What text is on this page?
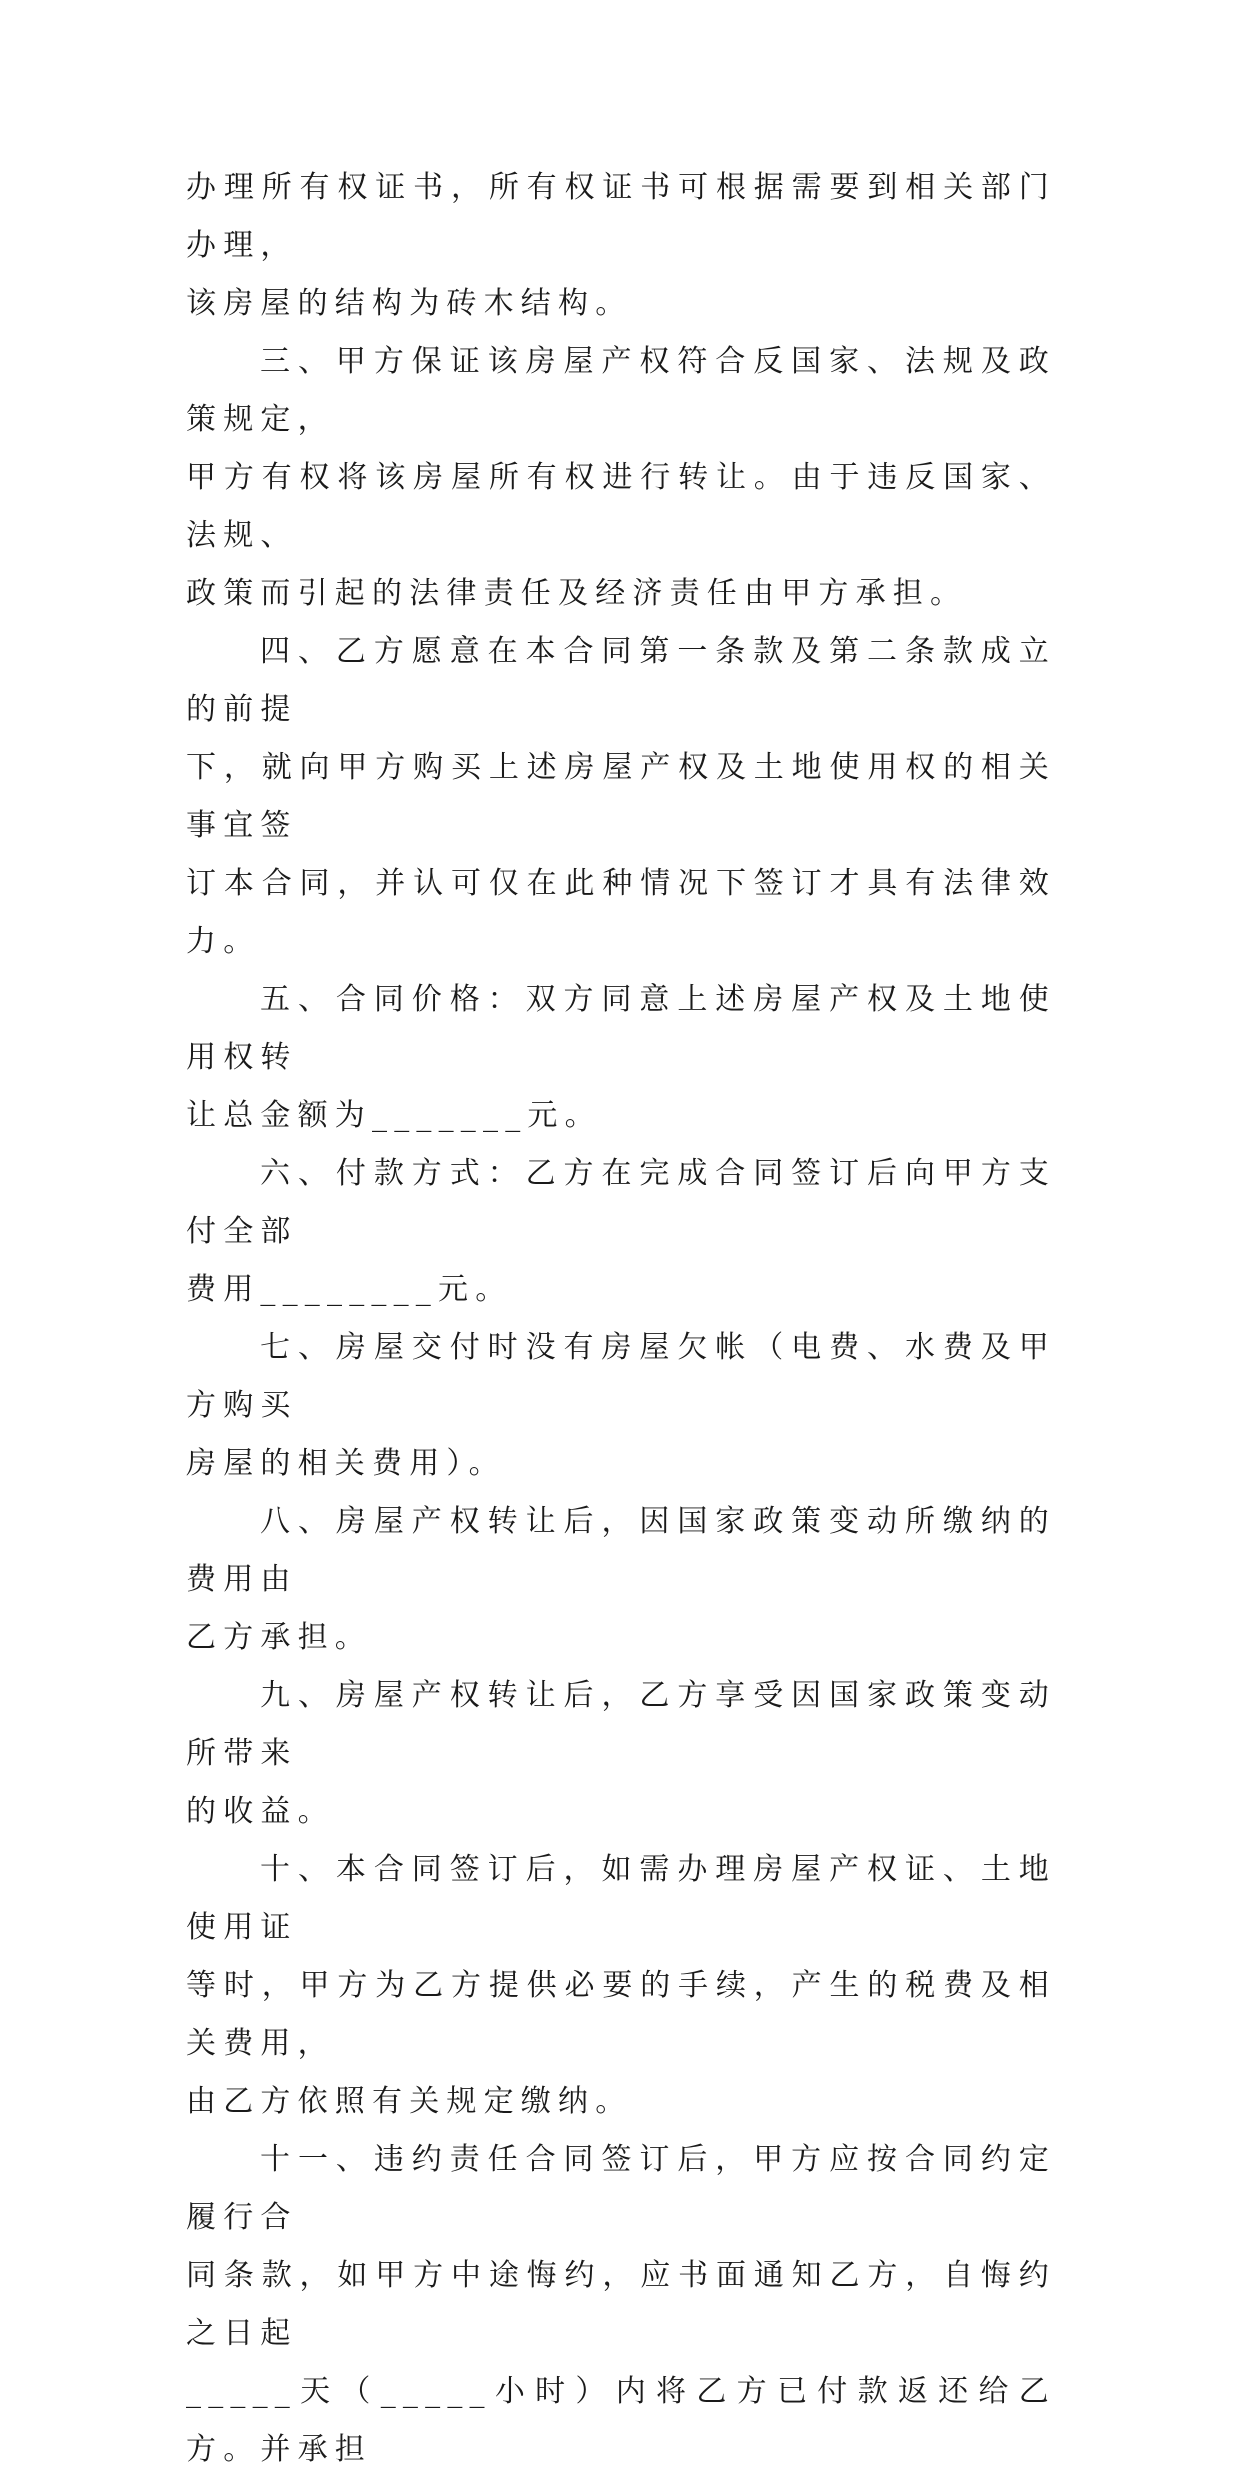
办理所有权证书，所有权证书可根据需要到相关部门办理，
该房屋的结构为砖木结构。
三、甲方保证该房屋产权符合反国家、法规及政策规定，
甲方有权将该房屋所有权进行转让。由于违反国家、法规、
政策而引起的法律责任及经济责任由甲方承担。
四、乙方愿意在本合同第一条款及第二条款成立的前提
下，就向甲方购买上述房屋产权及土地使用权的相关事宜签
订本合同，并认可仅在此种情况下签订才具有法律效力。
五、合同价格：双方同意上述房屋产权及土地使用权转
让总金额为_______元。
六、付款方式：乙方在完成合同签订后向甲方支付全部
费用________元。
七、房屋交付时没有房屋欠帐（电费、水费及甲方购买
房屋的相关费用）。
八、房屋产权转让后，因国家政策变动所缴纳的费用由
乙方承担。
九、房屋产权转让后，乙方享受因国家政策变动所带来
的收益。
十、本合同签订后，如需办理房屋产权证、土地使用证
等时，甲方为乙方提供必要的手续，产生的税费及相关费用，
由乙方依照有关规定缴纳。
十一、违约责任合同签订后，甲方应按合同约定履行合
同条款，如甲方中途悔约，应书面通知乙方，自悔约之日起
_____天（_____小时）内将乙方已付款返还给乙方。并承担
